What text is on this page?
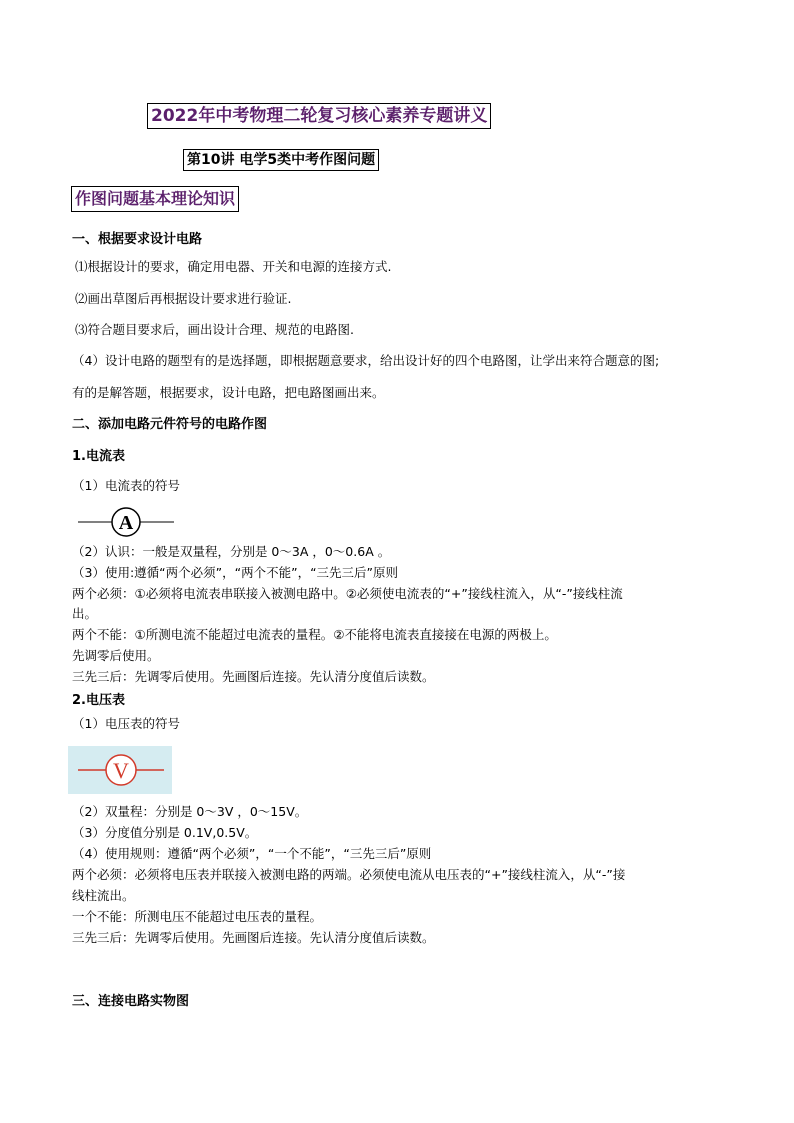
2022年中考物理二轮复习核心素养专题讲义
第10讲 电学5类中考作图问题
作图问题基本理论知识
一、根据要求设计电路
⑴根据设计的要求，确定用电器、开关和电源的连接方式.
⑵画出草图后再根据设计要求进行验证.
⑶符合题目要求后，画出设计合理、规范的电路图.
（4）设计电路的题型有的是选择题，即根据题意要求，给出设计好的四个电路图，让学出来符合题意的图;
有的是解答题，根据要求，设计电路，把电路图画出来。
二、添加电路元件符号的电路作图
1.电流表
（1）电流表的符号
A
（2）认识：一般是双量程，分别是 0～3A ，0～0.6A 。
（3）使用:遵循“两个必须”，“两个不能”，“三先三后”原则
两个必须：①必须将电流表串联接入被测电路中。②必须使电流表的“+”接线柱流入，从“-”接线柱流
出。
两个不能：①所测电流不能超过电流表的量程。②不能将电流表直接接在电源的两极上。
先调零后使用。
三先三后：先调零后使用。先画图后连接。先认清分度值后读数。
2.电压表
（1）电压表的符号
V
（2）双量程：分别是 0～3V ，0～15V。
（3）分度值分别是 0.1V,0.5V。
（4）使用规则：遵循“两个必须”，“一个不能”，“三先三后”原则
两个必须：必须将电压表并联接入被测电路的两端。必须使电流从电压表的“+”接线柱流入，从“-”接
线柱流出。
一个不能：所测电压不能超过电压表的量程。
三先三后：先调零后使用。先画图后连接。先认清分度值后读数。
三、连接电路实物图
